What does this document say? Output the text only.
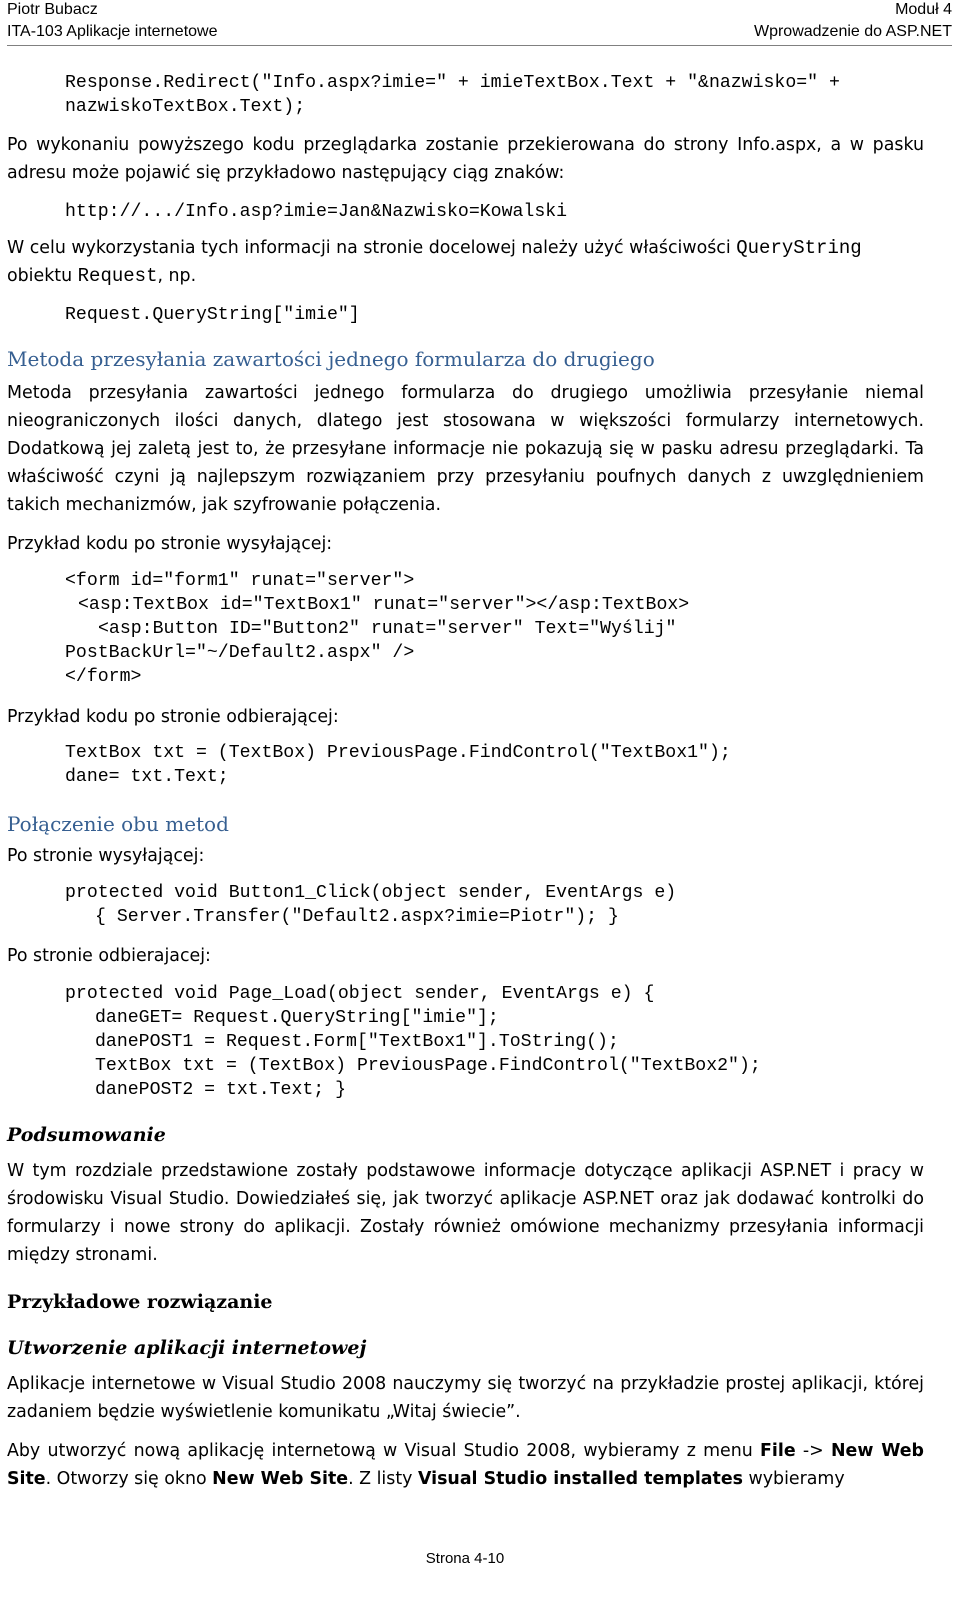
Piotr Bubacz
ITA-103 Aplikacje internetowe
Moduł 4
Wprowadzenie do ASP.NET
Response.Redirect("Info.aspx?imie=" + imieTextBox.Text + "&nazwisko=" +
nazwiskoTextBox.Text);
Po wykonaniu powyższego kodu przeglądarka zostanie przekierowana do strony Info.aspx, a w pasku adresu może pojawić się przykładowo następujący ciąg znaków:
http://.../Info.asp?imie=Jan&Nazwisko=Kowalski
W celu wykorzystania tych informacji na stronie docelowej należy użyć właściwości QueryString obiektu Request, np.
Request.QueryString["imie"]
Metoda przesyłania zawartości jednego formularza do drugiego
Metoda przesyłania zawartości jednego formularza do drugiego umożliwia przesyłanie niemal nieograniczonych ilości danych, dlatego jest stosowana w większości formularzy internetowych. Dodatkową jej zaletą jest to, że przesyłane informacje nie pokazują się w pasku adresu przeglądarki. Ta właściwość czyni ją najlepszym rozwiązaniem przy przesyłaniu poufnych danych z uwzględnieniem takich mechanizmów, jak szyfrowanie połączenia.
Przykład kodu po stronie wysyłającej:
<form id="form1" runat="server">
<asp:TextBox id="TextBox1" runat="server"></asp:TextBox>
<asp:Button ID="Button2" runat="server" Text="Wyślij"
PostBackUrl="~/Default2.aspx" />
</form>
Przykład kodu po stronie odbierającej:
TextBox txt = (TextBox) PreviousPage.FindControl("TextBox1");
dane= txt.Text;
Połączenie obu metod
Po stronie wysyłającej:
protected void Button1_Click(object sender, EventArgs e)
{ Server.Transfer("Default2.aspx?imie=Piotr"); }
Po stronie odbierajacej:
protected void Page_Load(object sender, EventArgs e) {
daneGET= Request.QueryString["imie"];
danePOST1 = Request.Form["TextBox1"].ToString();
TextBox txt = (TextBox) PreviousPage.FindControl("TextBox2");
danePOST2 = txt.Text; }
Podsumowanie
W tym rozdziale przedstawione zostały podstawowe informacje dotyczące aplikacji ASP.NET i pracy w środowisku Visual Studio. Dowiedziałeś się, jak tworzyć aplikacje ASP.NET oraz jak dodawać kontrolki do formularzy i nowe strony do aplikacji. Zostały również omówione mechanizmy przesyłania informacji między stronami.
Przykładowe rozwiązanie
Utworzenie aplikacji internetowej
Aplikacje internetowe w Visual Studio 2008 nauczymy się tworzyć na przykładzie prostej aplikacji, której zadaniem będzie wyświetlenie komunikatu „Witaj świecie”.
Aby utworzyć nową aplikację internetową w Visual Studio 2008, wybieramy z menu File -> New Web Site. Otworzy się okno New Web Site. Z listy Visual Studio installed templates wybieramy
Strona 4-10
